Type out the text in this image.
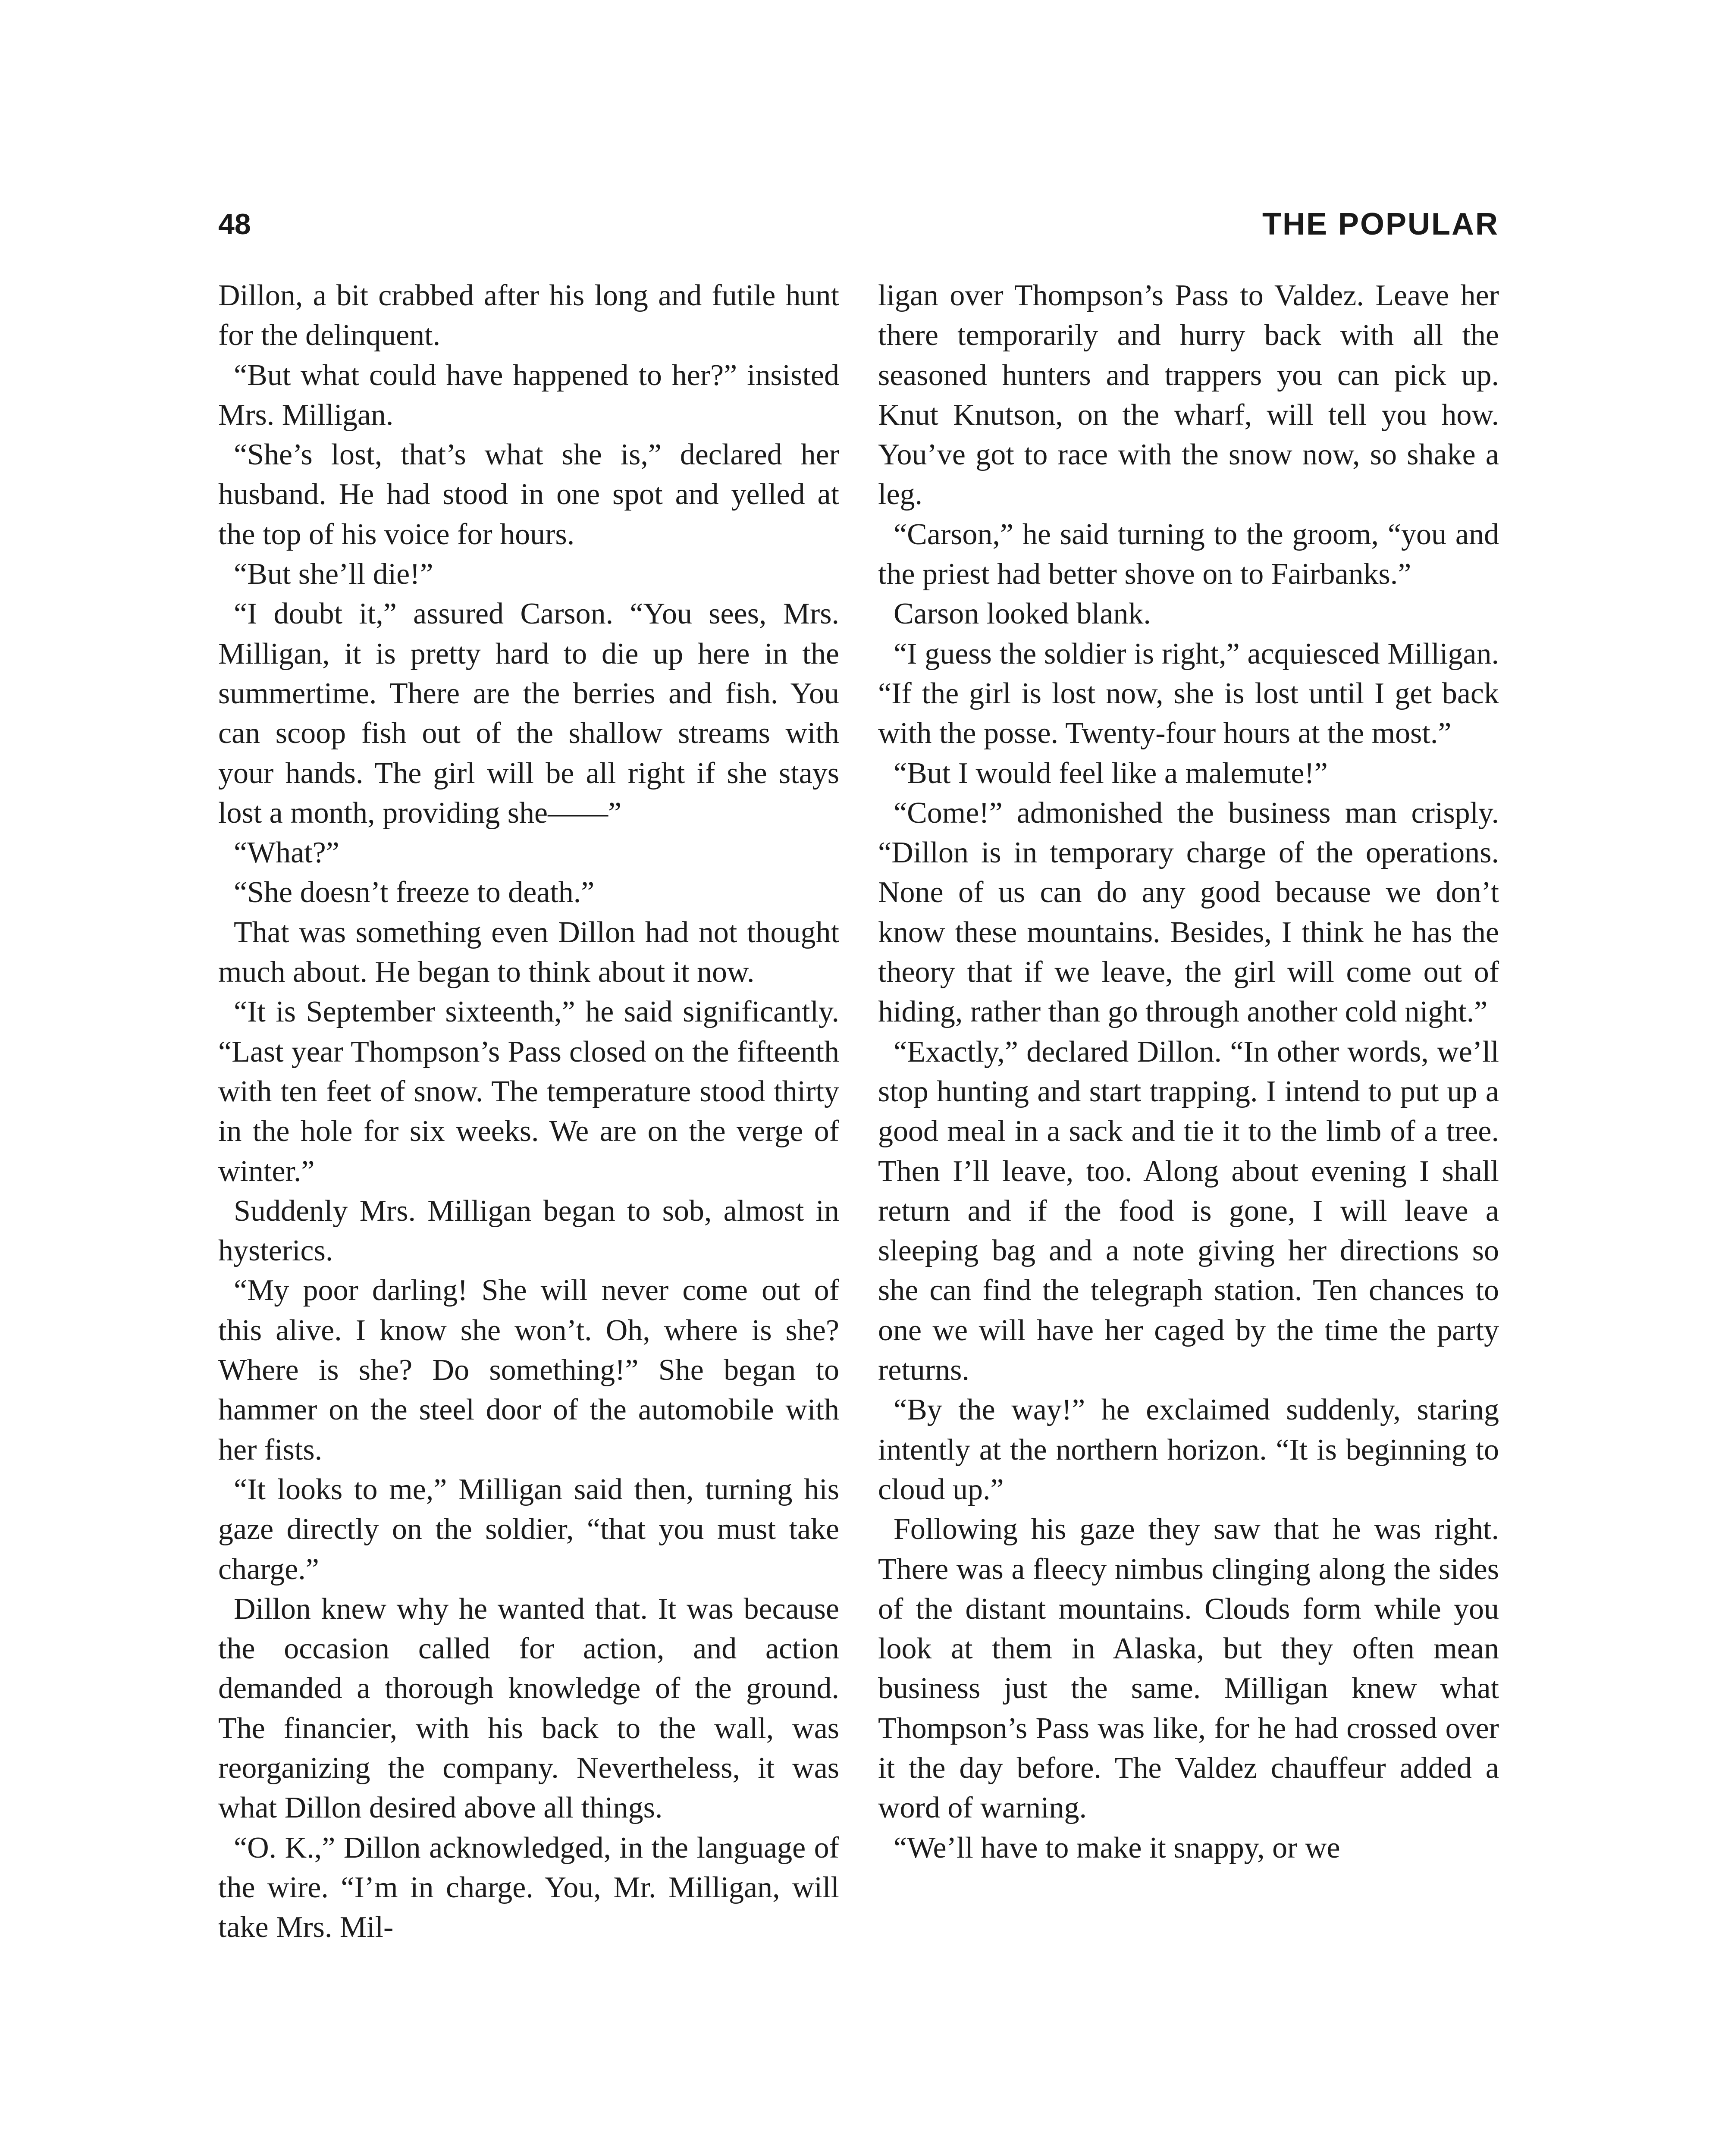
48	THE POPULAR

Dillon, a bit crabbed after his long and futile hunt for the delinquent.

“But what could have happened to her?” insisted Mrs. Milligan.

“She’s lost, that’s what she is,” declared her husband. He had stood in one spot and yelled at the top of his voice for hours.

“But she’ll die!”

“I doubt it,” assured Carson. “You sees, Mrs. Milligan, it is pretty hard to die up here in the summertime. There are the berries and fish. You can scoop fish out of the shallow streams with your hands. The girl will be all right if she stays lost a month, providing she——”

“What?”

“She doesn’t freeze to death.”

That was something even Dillon had not thought much about. He began to think about it now.

“It is September sixteenth,” he said significantly. “Last year Thompson’s Pass closed on the fifteenth with ten feet of snow. The temperature stood thirty in the hole for six weeks. We are on the verge of winter.”

Suddenly Mrs. Milligan began to sob, almost in hysterics.

“My poor darling! She will never come out of this alive. I know she won’t. Oh, where is she? Where is she? Do something!” She began to hammer on the steel door of the automobile with her fists.

“It looks to me,” Milligan said then, turning his gaze directly on the soldier, “that you must take charge.”

Dillon knew why he wanted that. It was because the occasion called for action, and action demanded a thorough knowledge of the ground. The financier, with his back to the wall, was reorganizing the company. Nevertheless, it was what Dillon desired above all things.

“O. K.,” Dillon acknowledged, in the language of the wire. “I’m in charge. You, Mr. Milligan, will take Mrs. Mil-

ligan over Thompson’s Pass to Valdez. Leave her there temporarily and hurry back with all the seasoned hunters and trappers you can pick up. Knut Knutson, on the wharf, will tell you how. You’ve got to race with the snow now, so shake a leg.

“Carson,” he said turning to the groom, “you and the priest had better shove on to Fairbanks.”

Carson looked blank.

“I guess the soldier is right,” acquiesced Milligan. “If the girl is lost now, she is lost until I get back with the posse. Twenty-four hours at the most.”

“But I would feel like a malemute!”

“Come!” admonished the business man crisply. “Dillon is in temporary charge of the operations. None of us can do any good because we don’t know these mountains. Besides, I think he has the theory that if we leave, the girl will come out of hiding, rather than go through another cold night.”

“Exactly,” declared Dillon. “In other words, we’ll stop hunting and start trapping. I intend to put up a good meal in a sack and tie it to the limb of a tree. Then I’ll leave, too. Along about evening I shall return and if the food is gone, I will leave a sleeping bag and a note giving her directions so she can find the telegraph station. Ten chances to one we will have her caged by the time the party returns.

“By the way!” he exclaimed suddenly, staring intently at the northern horizon. “It is beginning to cloud up.”

Following his gaze they saw that he was right. There was a fleecy nimbus clinging along the sides of the distant mountains. Clouds form while you look at them in Alaska, but they often mean business just the same. Milligan knew what Thompson’s Pass was like, for he had crossed over it the day before. The Valdez chauffeur added a word of warning.

“We’ll have to make it snappy, or we
